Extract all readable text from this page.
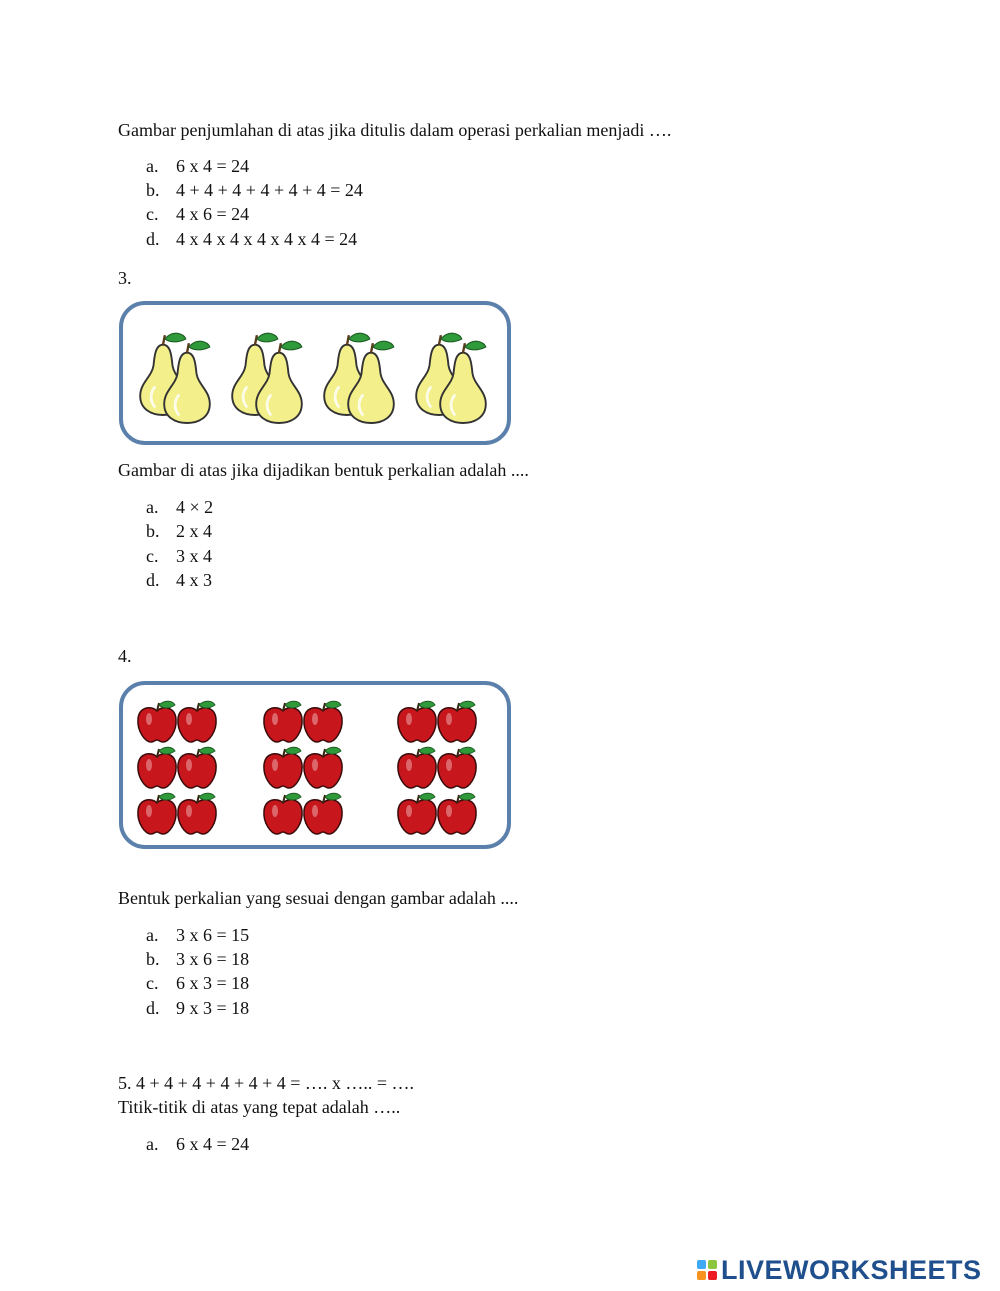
Gambar penjumlahan di atas jika ditulis dalam operasi perkalian menjadi ….
a. 6 x 4 = 24
b. 4 + 4 + 4 + 4 + 4 + 4 = 24
c. 4 x 6 = 24
d. 4 x 4 x 4 x 4 x 4 x 4 = 24
3.
Gambar di atas jika dijadikan bentuk perkalian adalah ....
a. 4 × 2
b. 2 x 4
c. 3 x 4
d. 4 x 3
4.
Bentuk perkalian yang sesuai dengan gambar adalah ....
a. 3 x 6 = 15
b. 3 x 6 = 18
c. 6 x 3 = 18
d. 9 x 3 = 18
5. 4 + 4 + 4 + 4 + 4 + 4 = …. x ….. = ….
Titik-titik di atas yang tepat adalah …..
a. 6 x 4 = 24
LIVEWORKSHEETS
